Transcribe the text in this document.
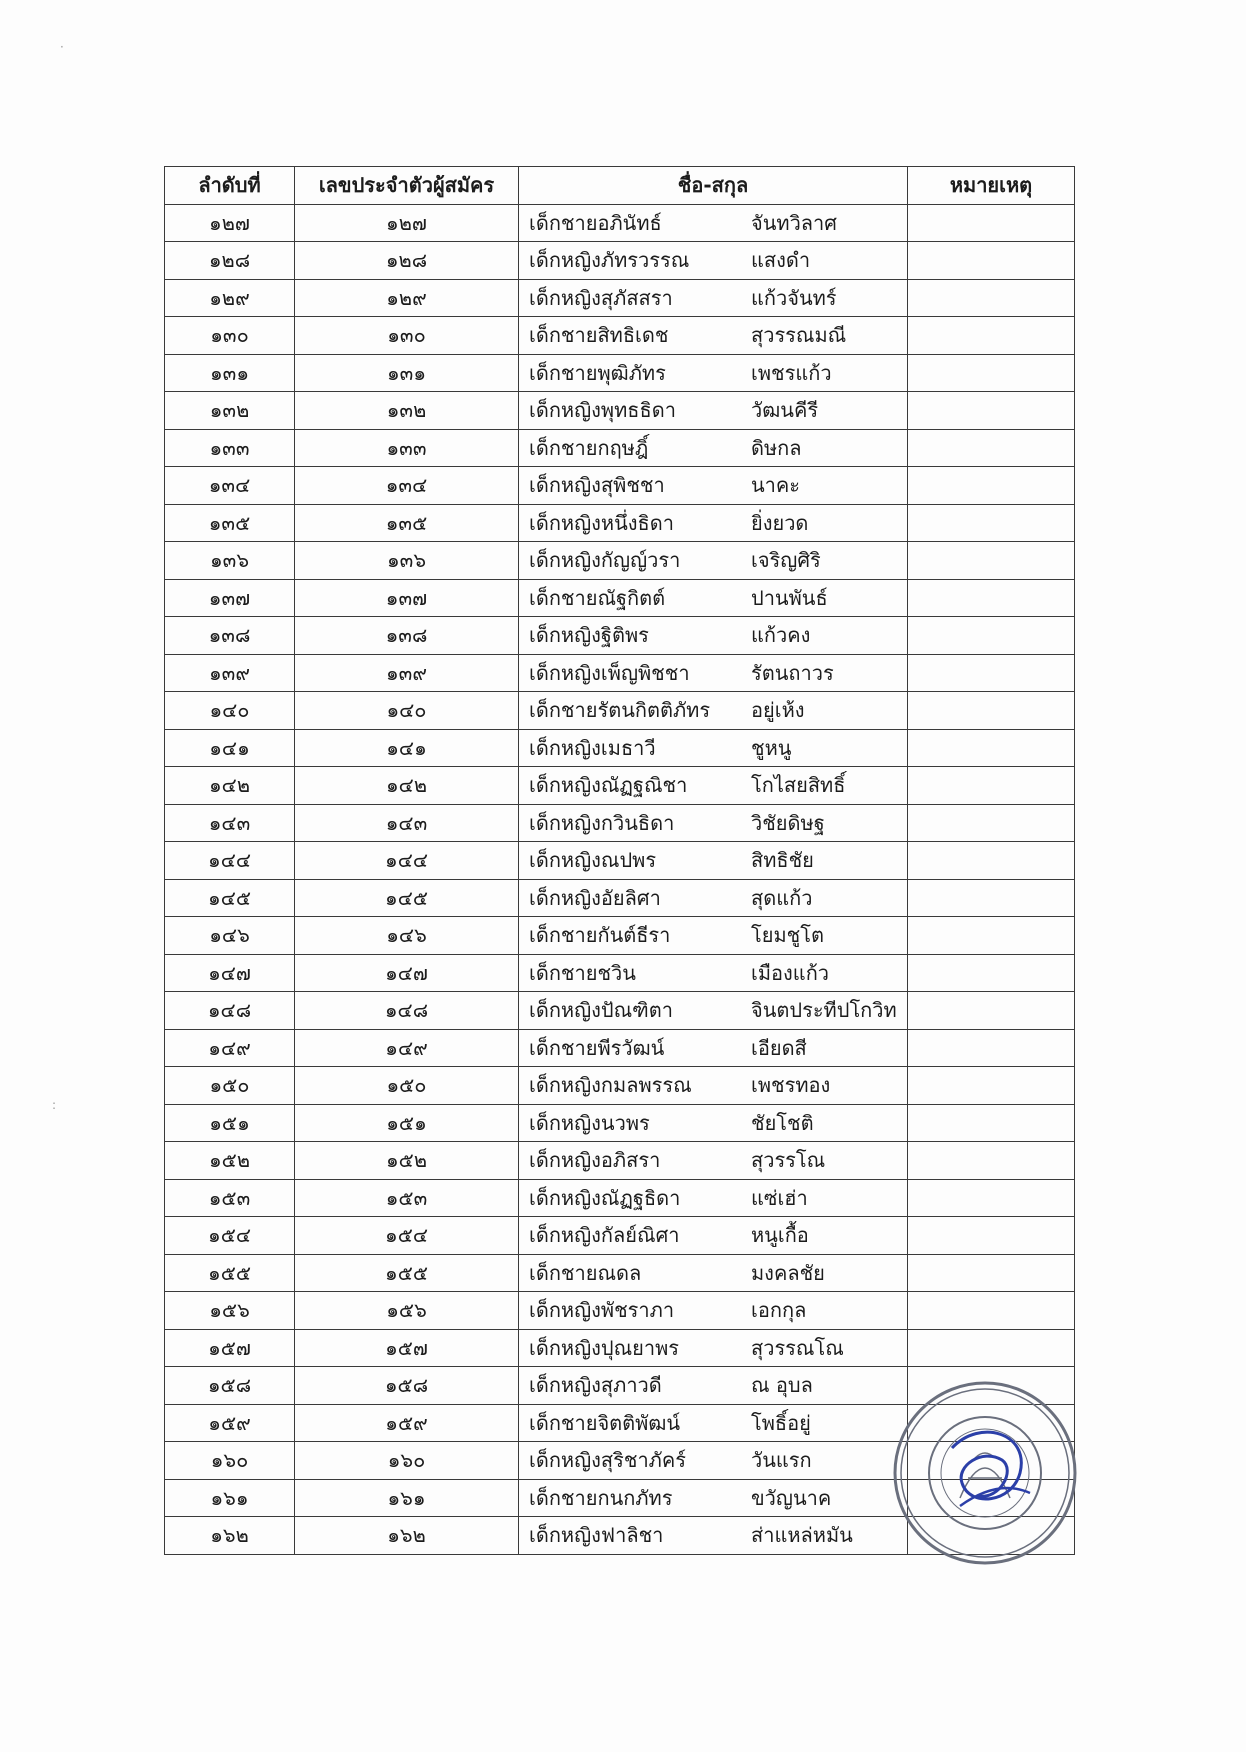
·
:
ลำดับที่	เลขประจำตัวผู้สมัคร	ชื่อ-สกุล	หมายเหตุ
๑๒๗	๑๒๗	เด็กชายอภินัทธ์ จันทวิลาศ	
๑๒๘	๑๒๘	เด็กหญิงภัทรวรรณ แสงดำ	
๑๒๙	๑๒๙	เด็กหญิงสุภัสสรา แก้วจันทร์	
๑๓๐	๑๓๐	เด็กชายสิทธิเดช สุวรรณมณี	
๑๓๑	๑๓๑	เด็กชายพุฒิภัทร เพชรแก้ว	
๑๓๒	๑๓๒	เด็กหญิงพุทธธิดา วัฒนคีรี	
๑๓๓	๑๓๓	เด็กชายกฤษฎิ์ ดิษกล	
๑๓๔	๑๓๔	เด็กหญิงสุพิชชา นาคะ	
๑๓๕	๑๓๕	เด็กหญิงหนึ่งธิดา ยิ่งยวด	
๑๓๖	๑๓๖	เด็กหญิงกัญญ์วรา เจริญศิริ	
๑๓๗	๑๓๗	เด็กชายณัฐกิตต์ ปานพันธ์	
๑๓๘	๑๓๘	เด็กหญิงฐิติพร แก้วคง	
๑๓๙	๑๓๙	เด็กหญิงเพ็ญพิชชา รัตนถาวร	
๑๔๐	๑๔๐	เด็กชายรัตนกิตติภัทร อยู่เห้ง	
๑๔๑	๑๔๑	เด็กหญิงเมธาวี ชูหนู	
๑๔๒	๑๔๒	เด็กหญิงณัฏฐณิชา โกไสยสิทธิ์	
๑๔๓	๑๔๓	เด็กหญิงกวินธิดา วิชัยดิษฐ	
๑๔๔	๑๔๔	เด็กหญิงณปพร สิทธิชัย	
๑๔๕	๑๔๕	เด็กหญิงอัยลิศา สุดแก้ว	
๑๔๖	๑๔๖	เด็กชายกันต์ธีรา โยมชูโต	
๑๔๗	๑๔๗	เด็กชายชวิน เมืองแก้ว	
๑๔๘	๑๔๘	เด็กหญิงปัณฑิตา จินตประทีปโกวิท	
๑๔๙	๑๔๙	เด็กชายพีรวัฒน์ เอียดสี	
๑๕๐	๑๕๐	เด็กหญิงกมลพรรณ เพชรทอง	
๑๕๑	๑๕๑	เด็กหญิงนวพร ชัยโชติ	
๑๕๒	๑๕๒	เด็กหญิงอภิสรา สุวรรโณ	
๑๕๓	๑๕๓	เด็กหญิงณัฏฐธิดา แซ่เฮ่า	
๑๕๔	๑๕๔	เด็กหญิงกัลย์ณิศา หนูเกื้อ	
๑๕๕	๑๕๕	เด็กชายณดล มงคลชัย	
๑๕๖	๑๕๖	เด็กหญิงพัชราภา เอกกุล	
๑๕๗	๑๕๗	เด็กหญิงปุณยาพร สุวรรณโณ	
๑๕๘	๑๕๘	เด็กหญิงสุภาวดี ณ อุบล	
๑๕๙	๑๕๙	เด็กชายจิตติพัฒน์ โพธิ์อยู่	
๑๖๐	๑๖๐	เด็กหญิงสุริชาภัคร์ วันแรก	
๑๖๑	๑๖๑	เด็กชายกนกภัทร ขวัญนาค	
๑๖๒	๑๖๒	เด็กหญิงฟาลิชา ส่าแหล่หมัน	
